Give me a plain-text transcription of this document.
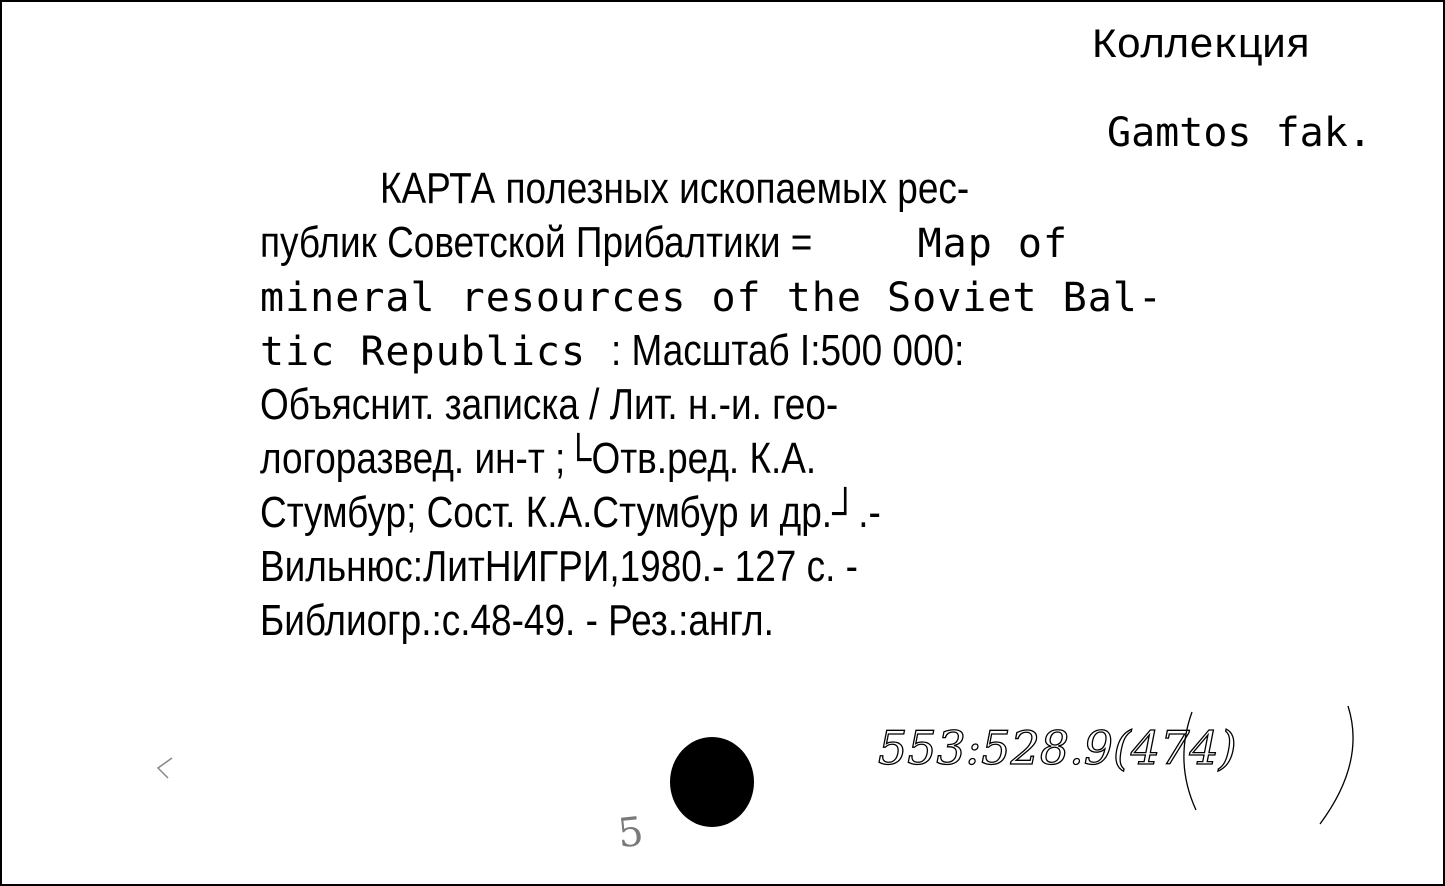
Коллекция
Gamtos fak.
КАРТА полезных ископаемых рес-
публик Советской Прибалтики =	Map of
mineral resources of the Soviet Bal-
tic Republics : Масштаб I:500 000:
Объяснит. записка / Лит. н.-и. гео-
логоразвед. ин-т ;└Отв.ред. К.А.
Стумбур; Сост. К.А.Стумбур и др.┘.-
Вильнюс:ЛитНИГРИ,1980.- 127 с. -
Библиогр.:с.48-49. - Рез.:англ.
553:528.9(474)
5
